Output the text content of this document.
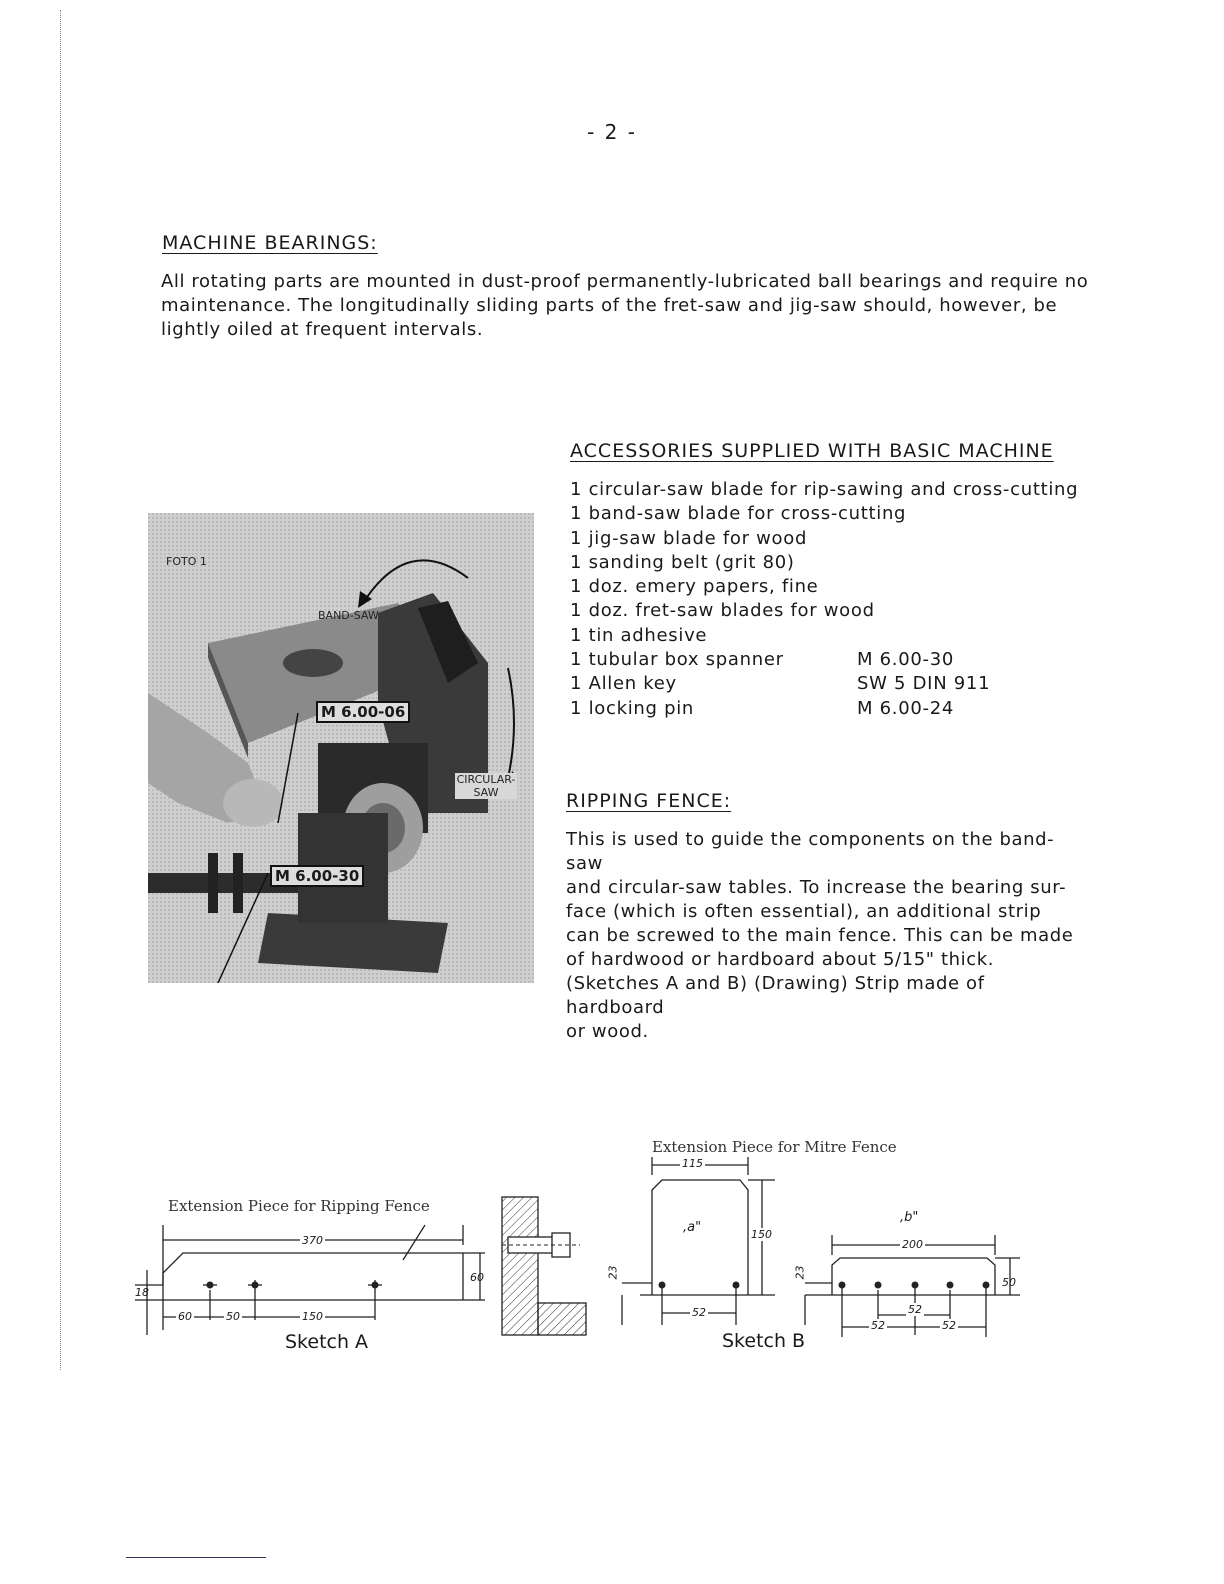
- 2 -
MACHINE BEARINGS:
All rotating parts are mounted in dust-proof permanently-lubricated ball bearings and require no
maintenance. The longitudinally sliding parts of the fret-saw and jig-saw should, however, be
lightly oiled at frequent intervals.
ACCESSORIES SUPPLIED WITH BASIC MACHINE
1 circular-saw blade for rip-sawing and cross-cutting
1 band-saw blade for cross-cutting
1 jig-saw blade for wood
1 sanding belt (grit 80)
1 doz. emery papers, fine
1 doz. fret-saw blades for wood
1 tin adhesive
1 tubular box spanner	M 6.00-30
1 Allen key	SW 5 DIN 911
1 locking pin	M 6.00-24
FOTO 1
BAND-SAW
CIRCULAR-
SAW
M 6.00-06
M 6.00-30
RIPPING FENCE:
This is used to guide the components on the band-saw
and circular-saw tables. To increase the bearing sur-
face (which is often essential), an additional strip
can be screwed to the main fence. This can be made
of hardwood or hardboard about 5/15" thick.
(Sketches A and B) (Drawing) Strip made of hardboard
or wood.
Extension Piece for Ripping Fence
370
60
18
60	50	150
Sketch A
Extension Piece for Mitre Fence
115
,a"	150
23
52
,b"
200
50
23
52
52	52
Sketch B
